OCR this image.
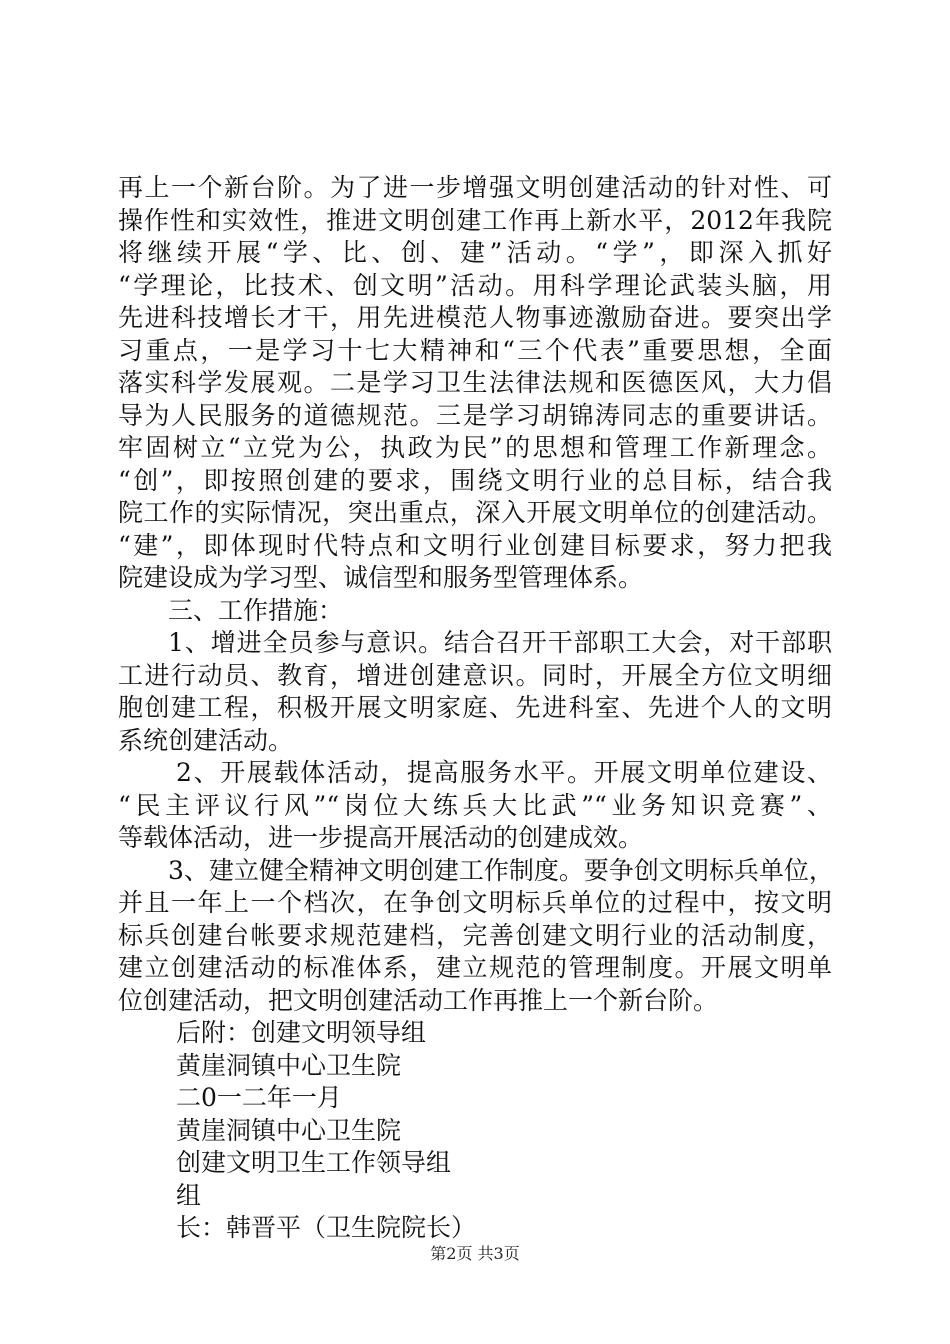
再上一个新台阶。为了进一步增强文明创建活动的针对性、可
操作性和实效性，推进文明创建工作再上新水平，2012年我院
将继续开展“学、比、创、建”活动。“学”，即深入抓好
“学理论，比技术、创文明”活动。用科学理论武装头脑，用
先进科技增长才干，用先进模范人物事迹激励奋进。要突出学
习重点，一是学习十七大精神和“三个代表”重要思想，全面
落实科学发展观。二是学习卫生法律法规和医德医风，大力倡
导为人民服务的道德规范。三是学习胡锦涛同志的重要讲话。
牢固树立“立党为公，执政为民”的思想和管理工作新理念。
“创”，即按照创建的要求，围绕文明行业的总目标，结合我
院工作的实际情况，突出重点，深入开展文明单位的创建活动。
“建”，即体现时代特点和文明行业创建目标要求，努力把我
院建设成为学习型、诚信型和服务型管理体系。
三、工作措施：
1、增进全员参与意识。结合召开干部职工大会，对干部职
工进行动员、教育，增进创建意识。同时，开展全方位文明细
胞创建工程，积极开展文明家庭、先进科室、先进个人的文明
系统创建活动。
2、开展载体活动，提高服务水平。开展文明单位建设、
“民主评议行风”“岗位大练兵大比武”“业务知识竞赛”、
等载体活动，进一步提高开展活动的创建成效。
3、建立健全精神文明创建工作制度。要争创文明标兵单位，
并且一年上一个档次，在争创文明标兵单位的过程中，按文明
标兵创建台帐要求规范建档，完善创建文明行业的活动制度，
建立创建活动的标准体系，建立规范的管理制度。开展文明单
位创建活动，把文明创建活动工作再推上一个新台阶。
后附：创建文明领导组
黄崖洞镇中心卫生院
二0一二年一月
黄崖洞镇中心卫生院
创建文明卫生工作领导组
组
长：韩晋平（卫生院院长）
第2页 共3页
